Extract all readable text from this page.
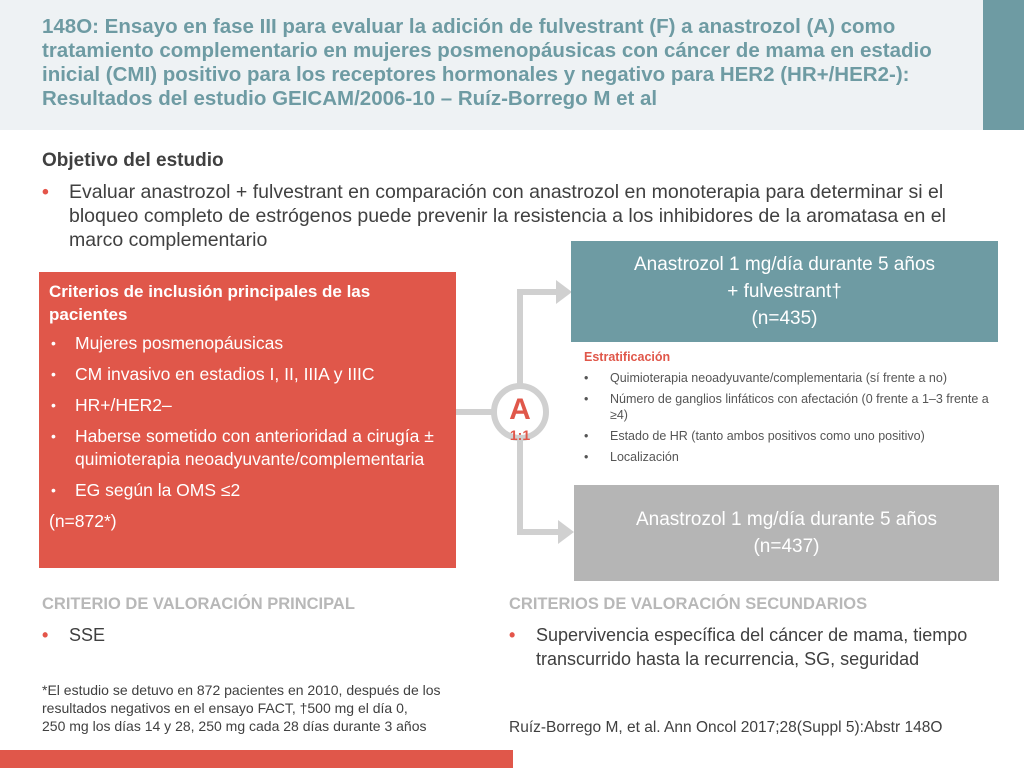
148O: Ensayo en fase III para evaluar la adición de fulvestrant (F) a anastrozol (A) como tratamiento complementario en mujeres posmenopáusicas con cáncer de mama en estadio inicial (CMI) positivo para los receptores hormonales y negativo para HER2 (HR+/HER2-): Resultados del estudio GEICAM/2006-10 – Ruíz-Borrego M et al
Objetivo del estudio
• Evaluar anastrozol + fulvestrant en comparación con anastrozol en monoterapia para determinar si el bloqueo completo de estrógenos puede prevenir la resistencia a los inhibidores de la aromatasa en el marco complementario
A
1:1
Criterios de inclusión principales de las pacientes
• Mujeres posmenopáusicas
• CM invasivo en estadios I, II, IIIA y IIIC
• HR+/HER2–
• Haberse sometido con anterioridad a cirugía ± quimioterapia neoadyuvante/complementaria
• EG según la OMS ≤2
(n=872*)
Anastrozol 1 mg/día durante 5 años
+ fulvestrant†
(n=435)
Estratificación
• Quimioterapia neoadyuvante/complementaria (sí frente a no)
• Número de ganglios linfáticos con afectación (0 frente a 1–3 frente a ≥4)
• Estado de HR (tanto ambos positivos como uno positivo)
• Localización
Anastrozol 1 mg/día durante 5 años
(n=437)
CRITERIO DE VALORACIÓN PRINCIPAL
• SSE
CRITERIOS DE VALORACIÓN SECUNDARIOS
• Supervivencia específica del cáncer de mama, tiempo transcurrido hasta la recurrencia, SG, seguridad
*El estudio se detuvo en 872 pacientes en 2010, después de los
resultados negativos en el ensayo FACT, †500 mg el día 0,
250 mg los días 14 y 28, 250 mg cada 28 días durante 3 años	Ruíz-Borrego M, et al. Ann Oncol 2017;28(Suppl 5):Abstr 148O
